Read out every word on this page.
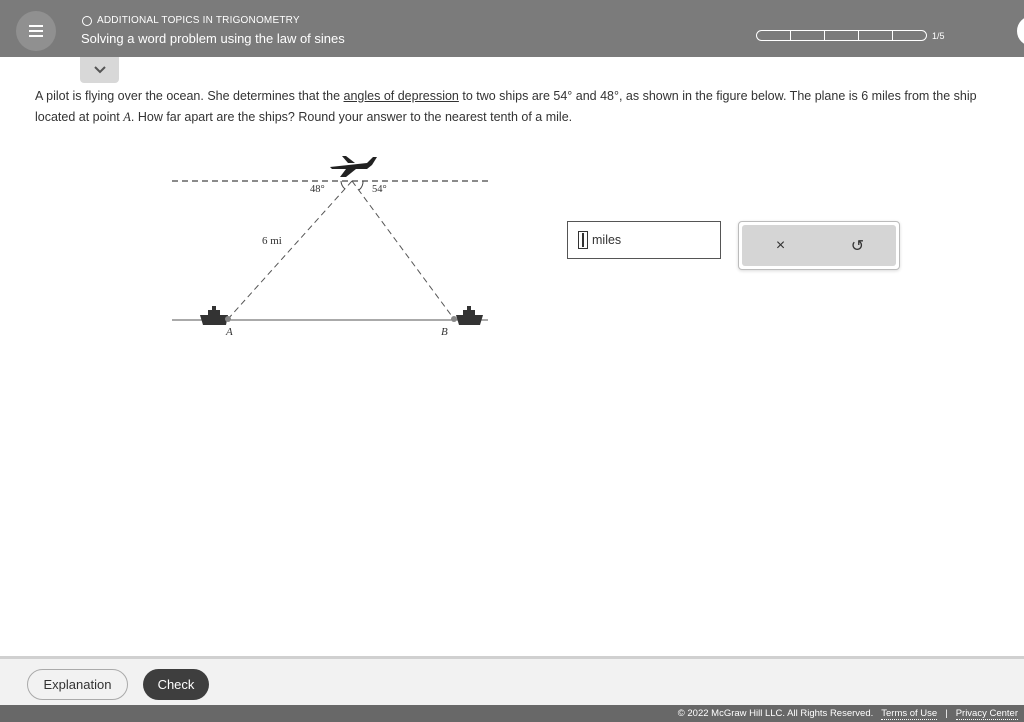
ADDITIONAL TOPICS IN TRIGONOMETRY
Solving a word problem using the law of sines	1/5
A pilot is flying over the ocean. She determines that the angles of depression to two ships are 54° and 48°, as shown in the figure below. The plane is 6 miles from the ship located at point A. How far apart are the ships? Round your answer to the nearest tenth of a mile.
48°	54°
6 mi
A	B
miles	×	↺
Explanation	Check
© 2022 McGraw Hill LLC. All Rights Reserved. Terms of Use | Privacy Center
